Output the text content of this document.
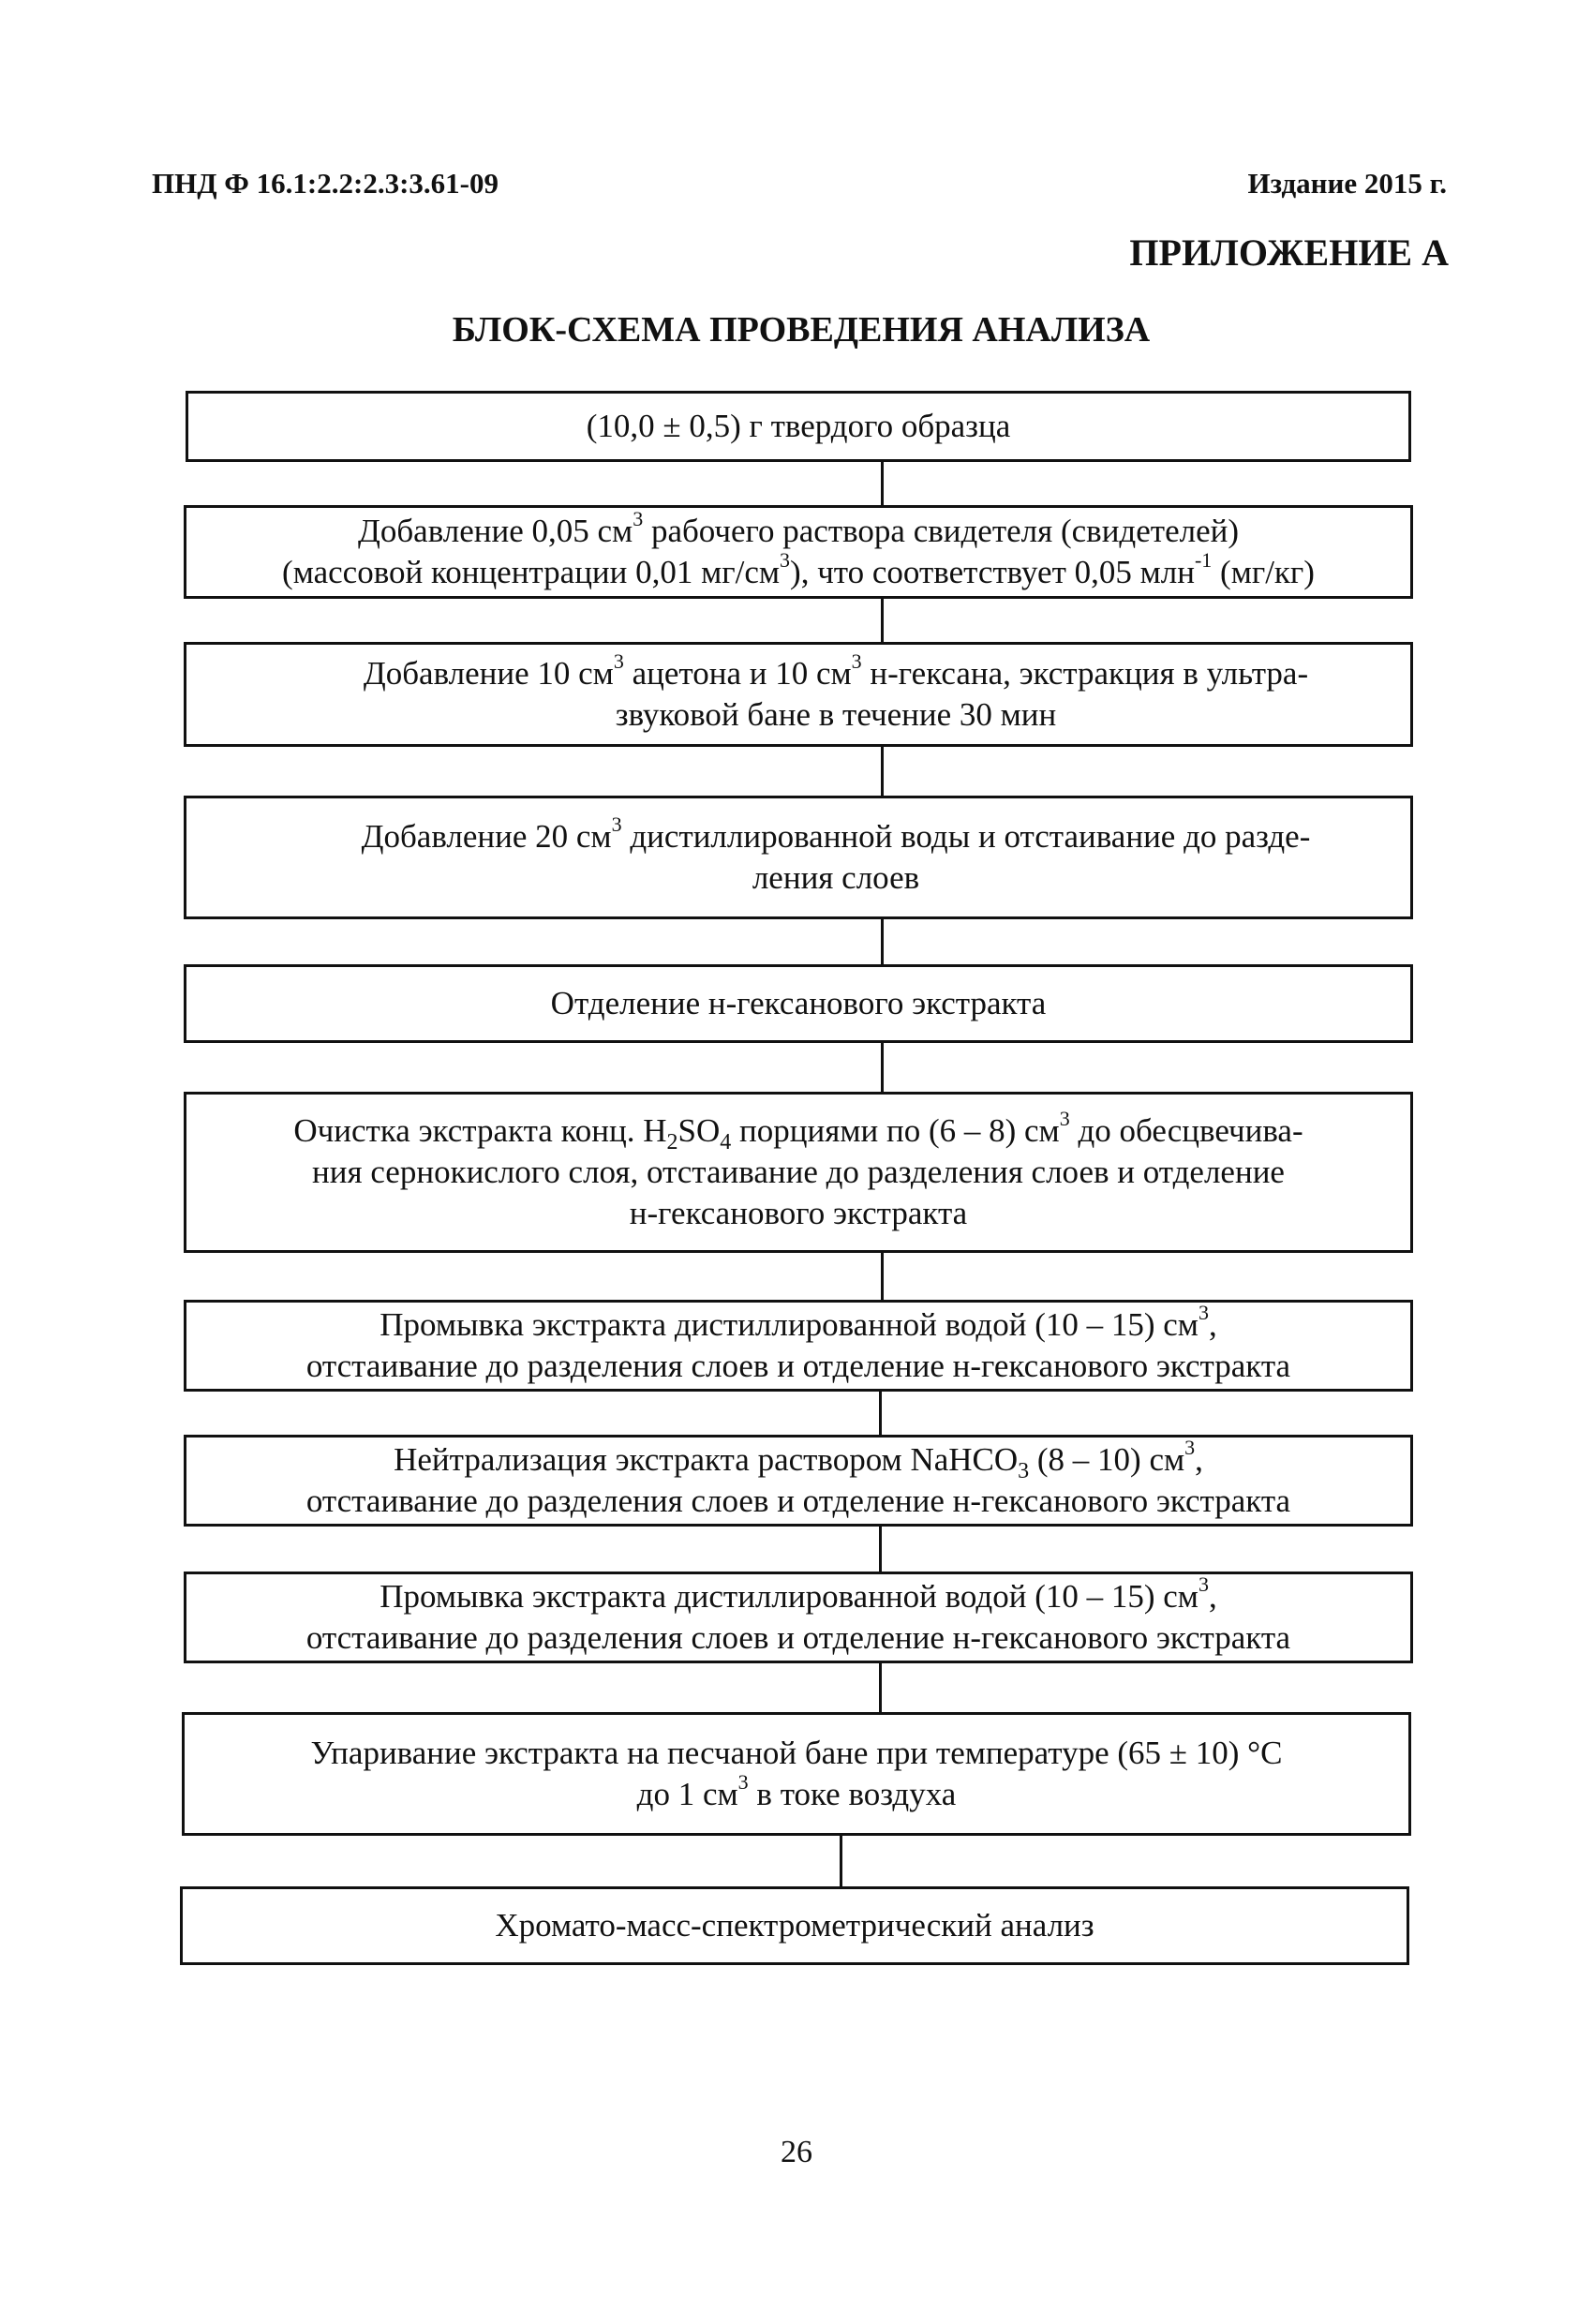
ПНД Ф 16.1:2.2:2.3:3.61-09	Издание 2015 г.
ПРИЛОЖЕНИЕ А
БЛОК-СХЕМА ПРОВЕДЕНИЯ АНАЛИЗА
(10,0 ± 0,5) г твердого образца
Добавление 0,05 $см^3$ рабочего раствора свидетеля (свидетелей)
(массовой концентрации 0,01 $мг/см^3$), что соответствует 0,05 млн$^{-1}$ (мг/кг)
Добавление 10 $см^3$ ацетона и 10 $см^3$ н-гексана, экстракция в ультра-
звуковой бане в течение 30 мин
Добавление 20 $см^3$ дистиллированной воды и отстаивание до разде-
ления слоев
Отделение н-гексанового экстракта
Очистка экстракта конц. $H_2SO_4$ порциями по (6 – 8) $см^3$ до обесцвечива-
ния сернокислого слоя, отстаивание до разделения слоев и отделение
н-гексанового экстракта
Промывка экстракта дистиллированной водой (10 – 15) $см^3$,
отстаивание до разделения слоев и отделение н-гексанового экстракта
Нейтрализация экстракта раствором NaHCO$_3$ (8 – 10) $см^3$,
отстаивание до разделения слоев и отделение н-гексанового экстракта
Промывка экстракта дистиллированной водой (10 – 15) $см^3$,
отстаивание до разделения слоев и отделение н-гексанового экстракта
Упаривание экстракта на песчаной бане при температуре (65 ± 10) °С
до 1 $см^3$ в токе воздуха
Хромато-масс-спектрометрический анализ
26
